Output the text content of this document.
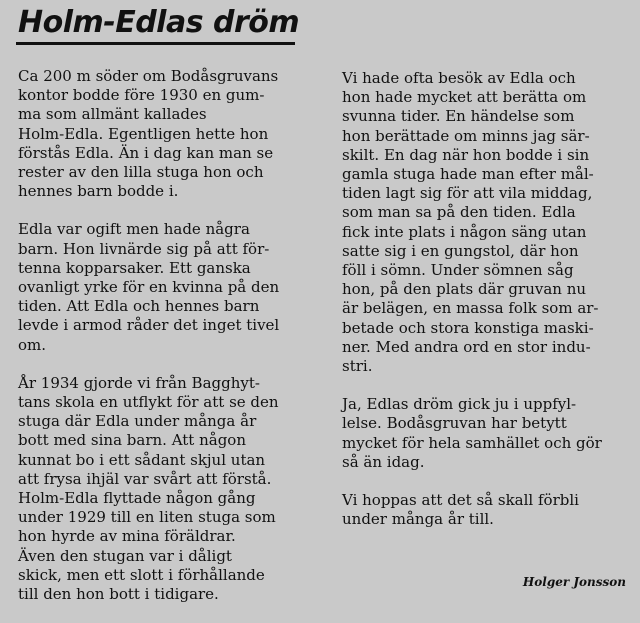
Holm-Edlas dröm

Ca 200 m söder om Bodåsgruvans
kontor bodde före 1930 en gum-
ma som allmänt kallades
Holm-Edla. Egentligen hette hon
förstås Edla. Än i dag kan man se
rester av den lilla stuga hon och
hennes barn bodde i.

Edla var ogift men hade några
barn. Hon livnärde sig på att för-
tenna kopparsaker. Ett ganska
ovanligt yrke för en kvinna på den
tiden. Att Edla och hennes barn
levde i armod råder det inget tivel
om.

År 1934 gjorde vi från Bagghyt-
tans skola en utflykt för att se den
stuga där Edla under många år
bott med sina barn. Att någon
kunnat bo i ett sådant skjul utan
att frysa ihjäl var svårt att förstå.
Holm-Edla flyttade någon gång
under 1929 till en liten stuga som
hon hyrde av mina föräldrar.
Även den stugan var i dåligt
skick, men ett slott i förhållande
till den hon bott i tidigare.

Vi hade ofta besök av Edla och
hon hade mycket att berätta om
svunna tider. En händelse som
hon berättade om minns jag sär-
skilt. En dag när hon bodde i sin
gamla stuga hade man efter mål-
tiden lagt sig för att vila middag,
som man sa på den tiden. Edla
fick inte plats i någon säng utan
satte sig i en gungstol, där hon
föll i sömn. Under sömnen såg
hon, på den plats där gruvan nu
är belägen, en massa folk som ar-
betade och stora konstiga maski-
ner. Med andra ord en stor indu-
stri.

Ja, Edlas dröm gick ju i uppfyl-
lelse. Bodåsgruvan har betytt
mycket för hela samhället och gör
så än idag.

Vi hoppas att det så skall förbli
under många år till.

Holger Jonsson
